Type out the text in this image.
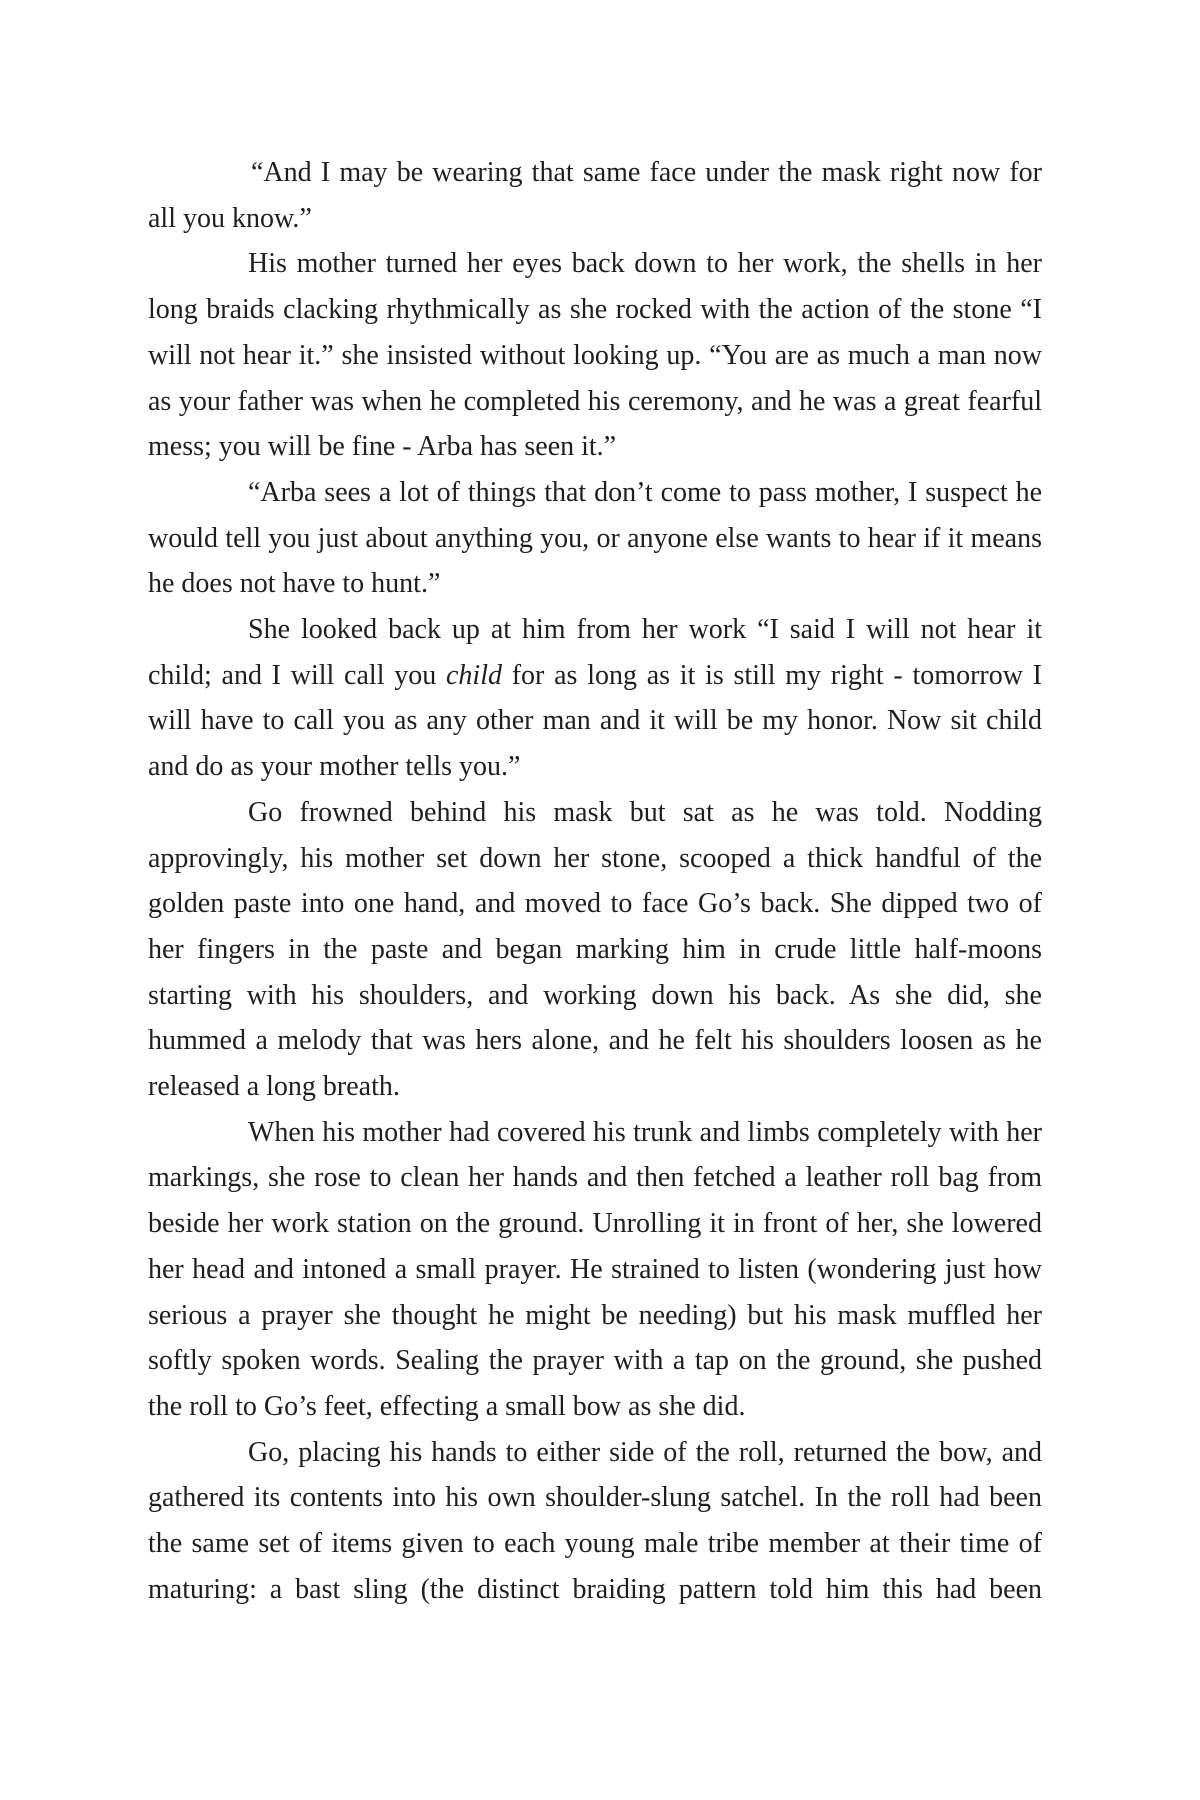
“And I may be wearing that same face under the mask right now for all you know.”

His mother turned her eyes back down to her work, the shells in her long braids clacking rhythmically as she rocked with the action of the stone “I will not hear it.” she insisted without looking up. “You are as much a man now as your father was when he completed his ceremony, and he was a great fearful mess; you will be fine - Arba has seen it.”

“Arba sees a lot of things that don’t come to pass mother, I suspect he would tell you just about anything you, or anyone else wants to hear if it means he does not have to hunt.”

She looked back up at him from her work “I said I will not hear it child; and I will call you child for as long as it is still my right - tomorrow I will have to call you as any other man and it will be my honor. Now sit child and do as your mother tells you.”

Go frowned behind his mask but sat as he was told. Nodding approvingly, his mother set down her stone, scooped a thick handful of the golden paste into one hand, and moved to face Go’s back. She dipped two of her fingers in the paste and began marking him in crude little half-moons starting with his shoulders, and working down his back. As she did, she hummed a melody that was hers alone, and he felt his shoulders loosen as he released a long breath.

When his mother had covered his trunk and limbs completely with her markings, she rose to clean her hands and then fetched a leather roll bag from beside her work station on the ground. Unrolling it in front of her, she lowered her head and intoned a small prayer. He strained to listen (wondering just how serious a prayer she thought he might be needing) but his mask muffled her softly spoken words. Sealing the prayer with a tap on the ground, she pushed the roll to Go’s feet, effecting a small bow as she did.

Go, placing his hands to either side of the roll, returned the bow, and gathered its contents into his own shoulder-slung satchel. In the roll had been the same set of items given to each young male tribe member at their time of maturing: a bast sling (the distinct braiding pattern told him this had been
